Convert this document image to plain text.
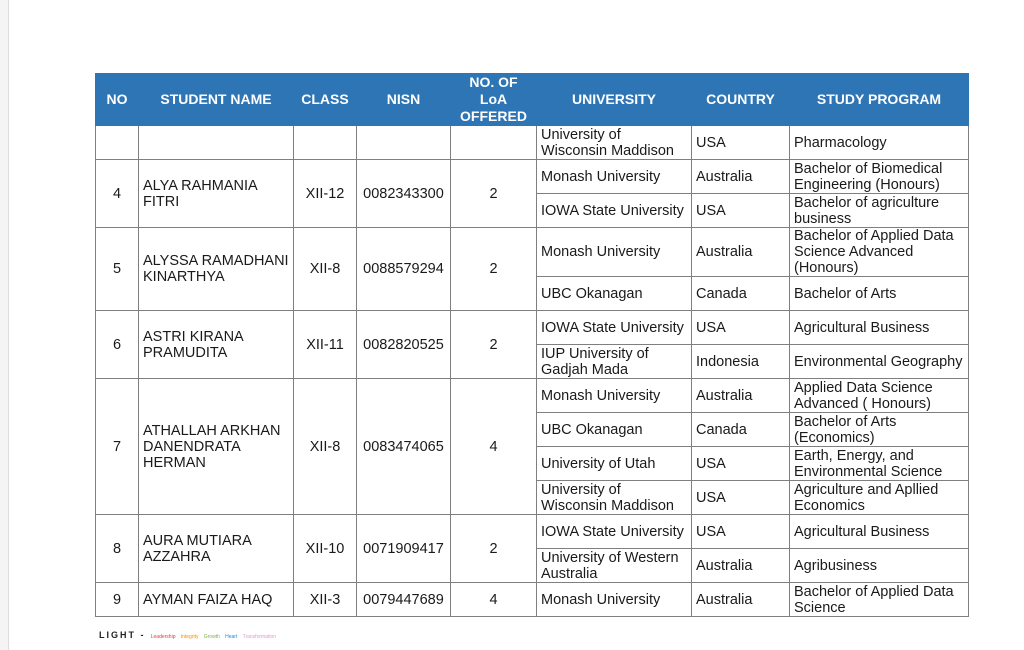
NO	STUDENT NAME	CLASS	NISN	NO. OF LoA OFFERED	UNIVERSITY	COUNTRY	STUDY PROGRAM
					University of Wisconsin Maddison	USA	Pharmacology
4	ALYA RAHMANIA FITRI	XII-12	0082343300	2	Monash University	Australia	Bachelor of Biomedical Engineering (Honours)
					IOWA State University	USA	Bachelor of agriculture business
5	ALYSSA RAMADHANI KINARTHYA	XII-8	0088579294	2	Monash University	Australia	Bachelor of Applied Data Science Advanced (Honours)
					UBC Okanagan	Canada	Bachelor of Arts
6	ASTRI KIRANA PRAMUDITA	XII-11	0082820525	2	IOWA State University	USA	Agricultural Business
					IUP University of Gadjah Mada	Indonesia	Environmental Geography
7	ATHALLAH ARKHAN DANENDRATA HERMAN	XII-8	0083474065	4	Monash University	Australia	Applied Data Science Advanced ( Honours)
					UBC Okanagan	Canada	Bachelor of Arts (Economics)
					University of Utah	USA	Earth, Energy, and Environmental Science
					University of Wisconsin Maddison	USA	Agriculture and Apllied Economics
8	AURA MUTIARA AZZAHRA	XII-10	0071909417	2	IOWA State University	USA	Agricultural Business
					University of Western Australia	Australia	Agribusiness
9	AYMAN FAIZA HAQ	XII-3	0079447689	4	Monash University	Australia	Bachelor of Applied Data Science
LIGHT - Leadership Integrity Growth Heart Transformation
